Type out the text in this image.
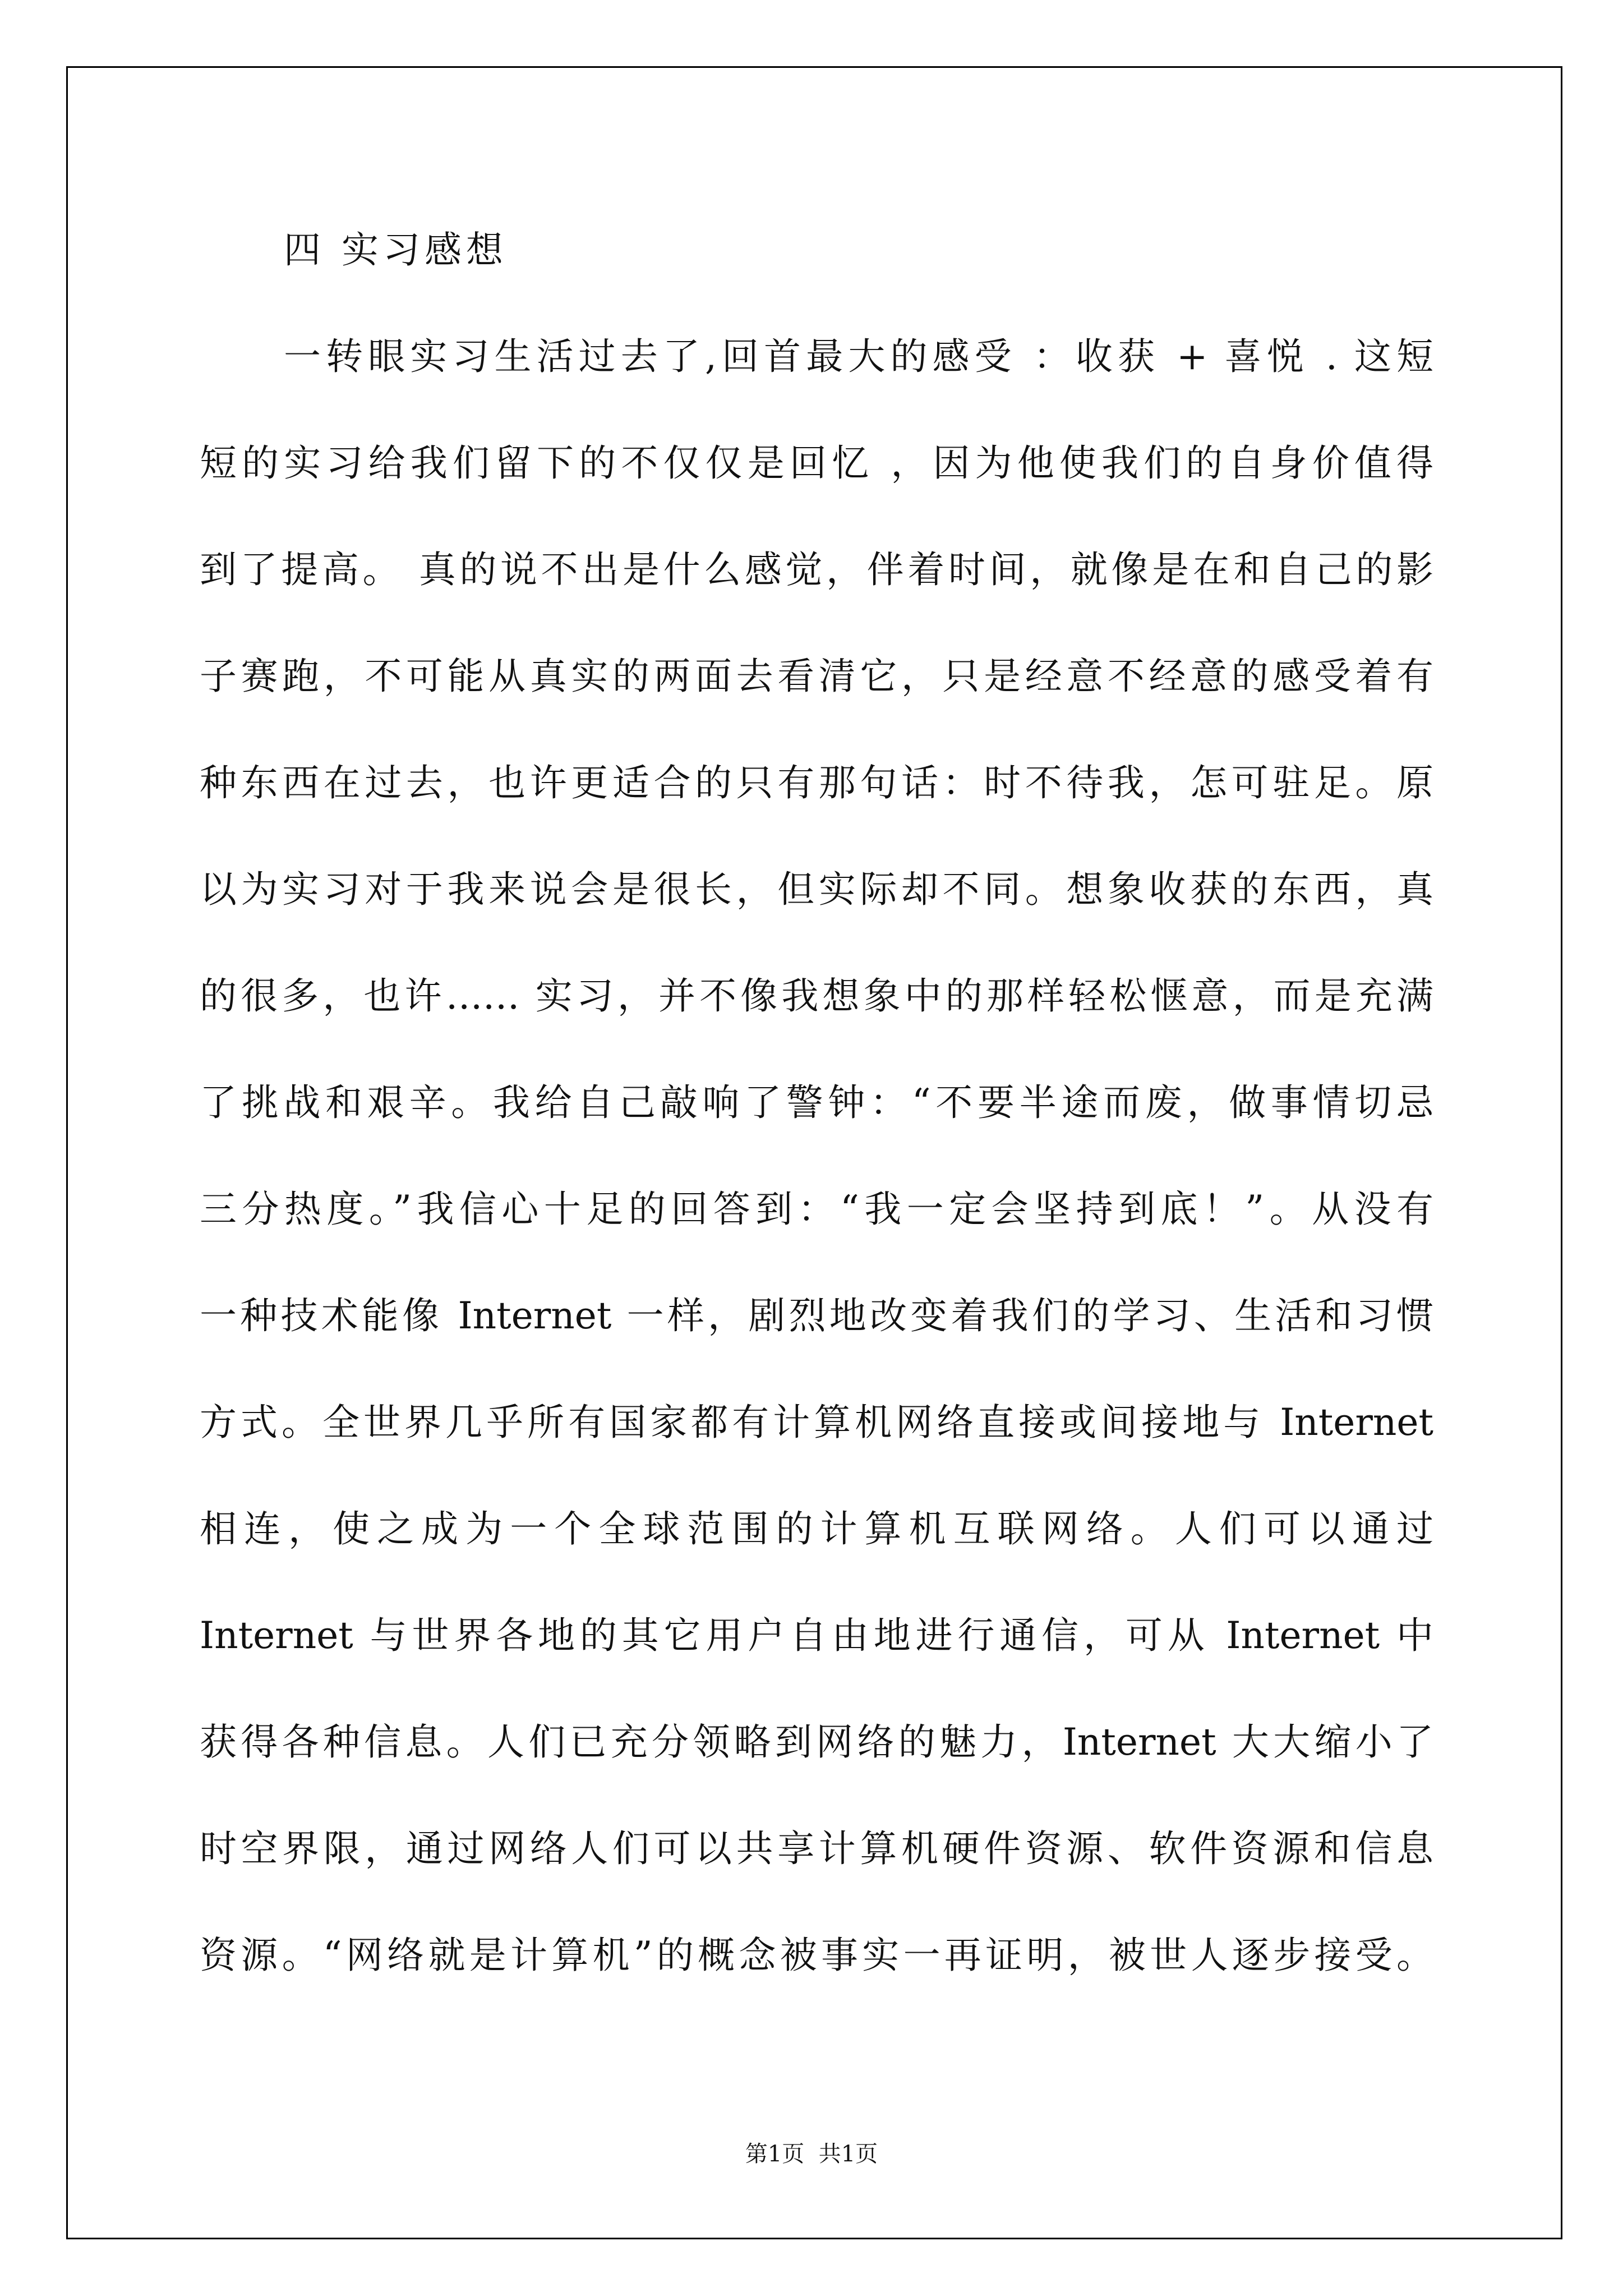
四 实习感想
一转眼实习生活过去了,回首最大的感受 ：收获 + 喜悦 . 这短
短的实习给我们留下的不仅仅是回忆 ，因为他使我们的自身价值得
到了提高。 真的说不出是什么感觉，伴着时间，就像是在和自己的影
子赛跑，不可能从真实的两面去看清它，只是经意不经意的感受着有
种东西在过去，也许更适合的只有那句话：时不待我，怎可驻足。原
以为实习对于我来说会是很长，但实际却不同。想象收获的东西，真
的很多，也许…… 实习，并不像我想象中的那样轻松惬意，而是充满
了挑战和艰辛。我给自己敲响了警钟：“不要半途而废，做事情切忌
三分热度。”我信心十足的回答到：“我一定会坚持到底！”。从没有
一种技术能像 Internet 一样，剧烈地改变着我们的学习、生活和习惯
方式。全世界几乎所有国家都有计算机网络直接或间接地与 Internet
相连，使之成为一个全球范围的计算机互联网络。人们可以通过
Internet 与世界各地的其它用户自由地进行通信，可从 Internet 中
获得各种信息。人们已充分领略到网络的魅力，Internet 大大缩小了
时空界限，通过网络人们可以共享计算机硬件资源、软件资源和信息
资源。“网络就是计算机”的概念被事实一再证明，被世人逐步接受。
第1页  共1页
